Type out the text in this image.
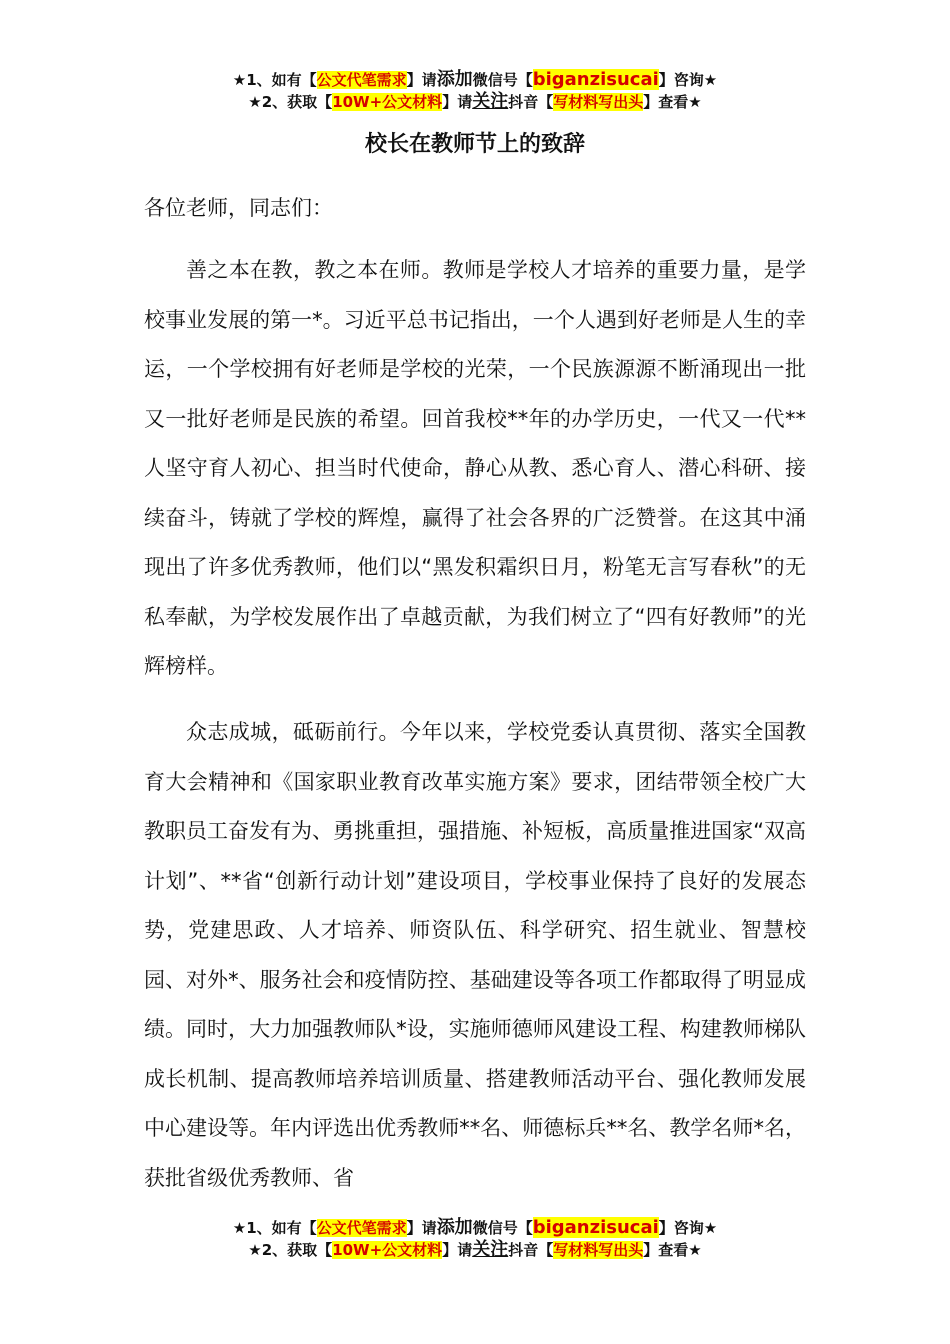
★1、如有【公文代笔需求】请添加微信号【biganzisucai】咨询★
★2、获取【10W+公文材料】请关注抖音【写材料写出头】查看★
校长在教师节上的致辞
各位老师，同志们：

善之本在教，教之本在师。教师是学校人才培养的重要力量，是学校事业发展的第一*。习近平总书记指出，一个人遇到好老师是人生的幸运，一个学校拥有好老师是学校的光荣，一个民族源源不断涌现出一批又一批好老师是民族的希望。回首我校**年的办学历史，一代又一代**人坚守育人初心、担当时代使命，静心从教、悉心育人、潜心科研、接续奋斗，铸就了学校的辉煌，赢得了社会各界的广泛赞誉。在这其中涌现出了许多优秀教师，他们以“黑发积霜织日月，粉笔无言写春秋”的无私奉献，为学校发展作出了卓越贡献，为我们树立了“四有好教师”的光辉榜样。

众志成城，砥砺前行。今年以来，学校党委认真贯彻、落实全国教育大会精神和《国家职业教育改革实施方案》要求，团结带领全校广大教职员工奋发有为、勇挑重担，强措施、补短板，高质量推进国家“双高计划”、**省“创新行动计划”建设项目，学校事业保持了良好的发展态势，党建思政、人才培养、师资队伍、科学研究、招生就业、智慧校园、对外*、服务社会和疫情防控、基础建设等各项工作都取得了明显成绩。同时，大力加强教师队*设，实施师德师风建设工程、构建教师梯队成长机制、提高教师培养培训质量、搭建教师活动平台、强化教师发展中心建设等。年内评选出优秀教师**名、师德标兵**名、教学名师*名，获批省级优秀教师、省

★1、如有【公文代笔需求】请添加微信号【biganzisucai】咨询★
★2、获取【10W+公文材料】请关注抖音【写材料写出头】查看★
